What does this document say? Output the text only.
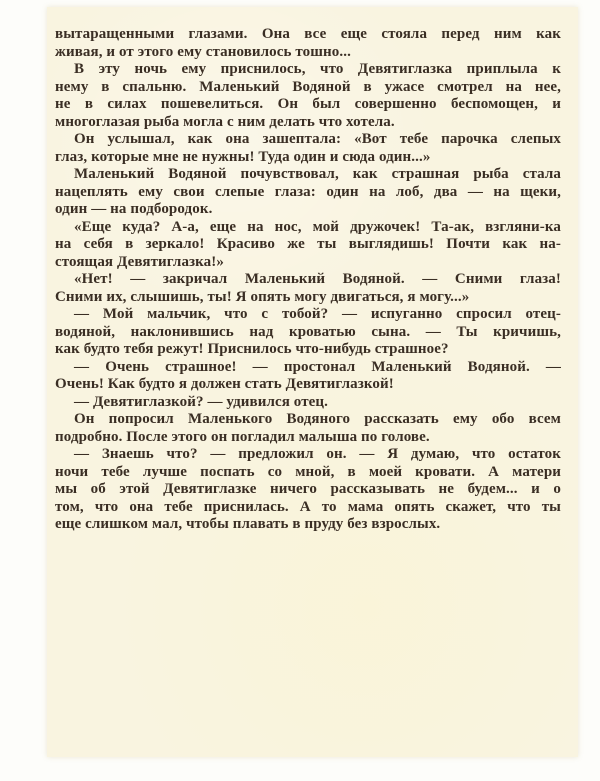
вытаращенными глазами. Она все еще стояла перед ним как
живая, и от этого ему становилось тошно...
В эту ночь ему приснилось, что Девятиглазка приплыла к
нему в спальню. Маленький Водяной в ужасе смотрел на нее,
не в силах пошевелиться. Он был совершенно беспомощен, и
многоглазая рыба могла с ним делать что хотела.
Он услышал, как она зашептала: «Вот тебе парочка слепых
глаз, которые мне не нужны! Туда один и сюда один...»
Маленький Водяной почувствовал, как страшная рыба стала
нацеплять ему свои слепые глаза: один на лоб, два — на щеки,
один — на подбородок.
«Еще куда? А-а, еще на нос, мой дружочек! Та-ак, взгляни-ка
на себя в зеркало! Красиво же ты выглядишь! Почти как на-
стоящая Девятиглазка!»
«Нет! — закричал Маленький Водяной. — Сними глаза!
Сними их, слышишь, ты! Я опять могу двигаться, я могу...»
— Мой мальчик, что с тобой? — испуганно спросил отец-
водяной, наклонившись над кроватью сына. — Ты кричишь,
как будто тебя режут! Приснилось что-нибудь страшное?
— Очень страшное! — простонал Маленький Водяной. —
Очень! Как будто я должен стать Девятиглазкой!
— Девятиглазкой? — удивился отец.
Он попросил Маленького Водяного рассказать ему обо всем
подробно. После этого он погладил малыша по голове.
— Знаешь что? — предложил он. — Я думаю, что остаток
ночи тебе лучше поспать со мной, в моей кровати. А матери
мы об этой Девятиглазке ничего рассказывать не будем... и о
том, что она тебе приснилась. А то мама опять скажет, что ты
еще слишком мал, чтобы плавать в пруду без взрослых.
